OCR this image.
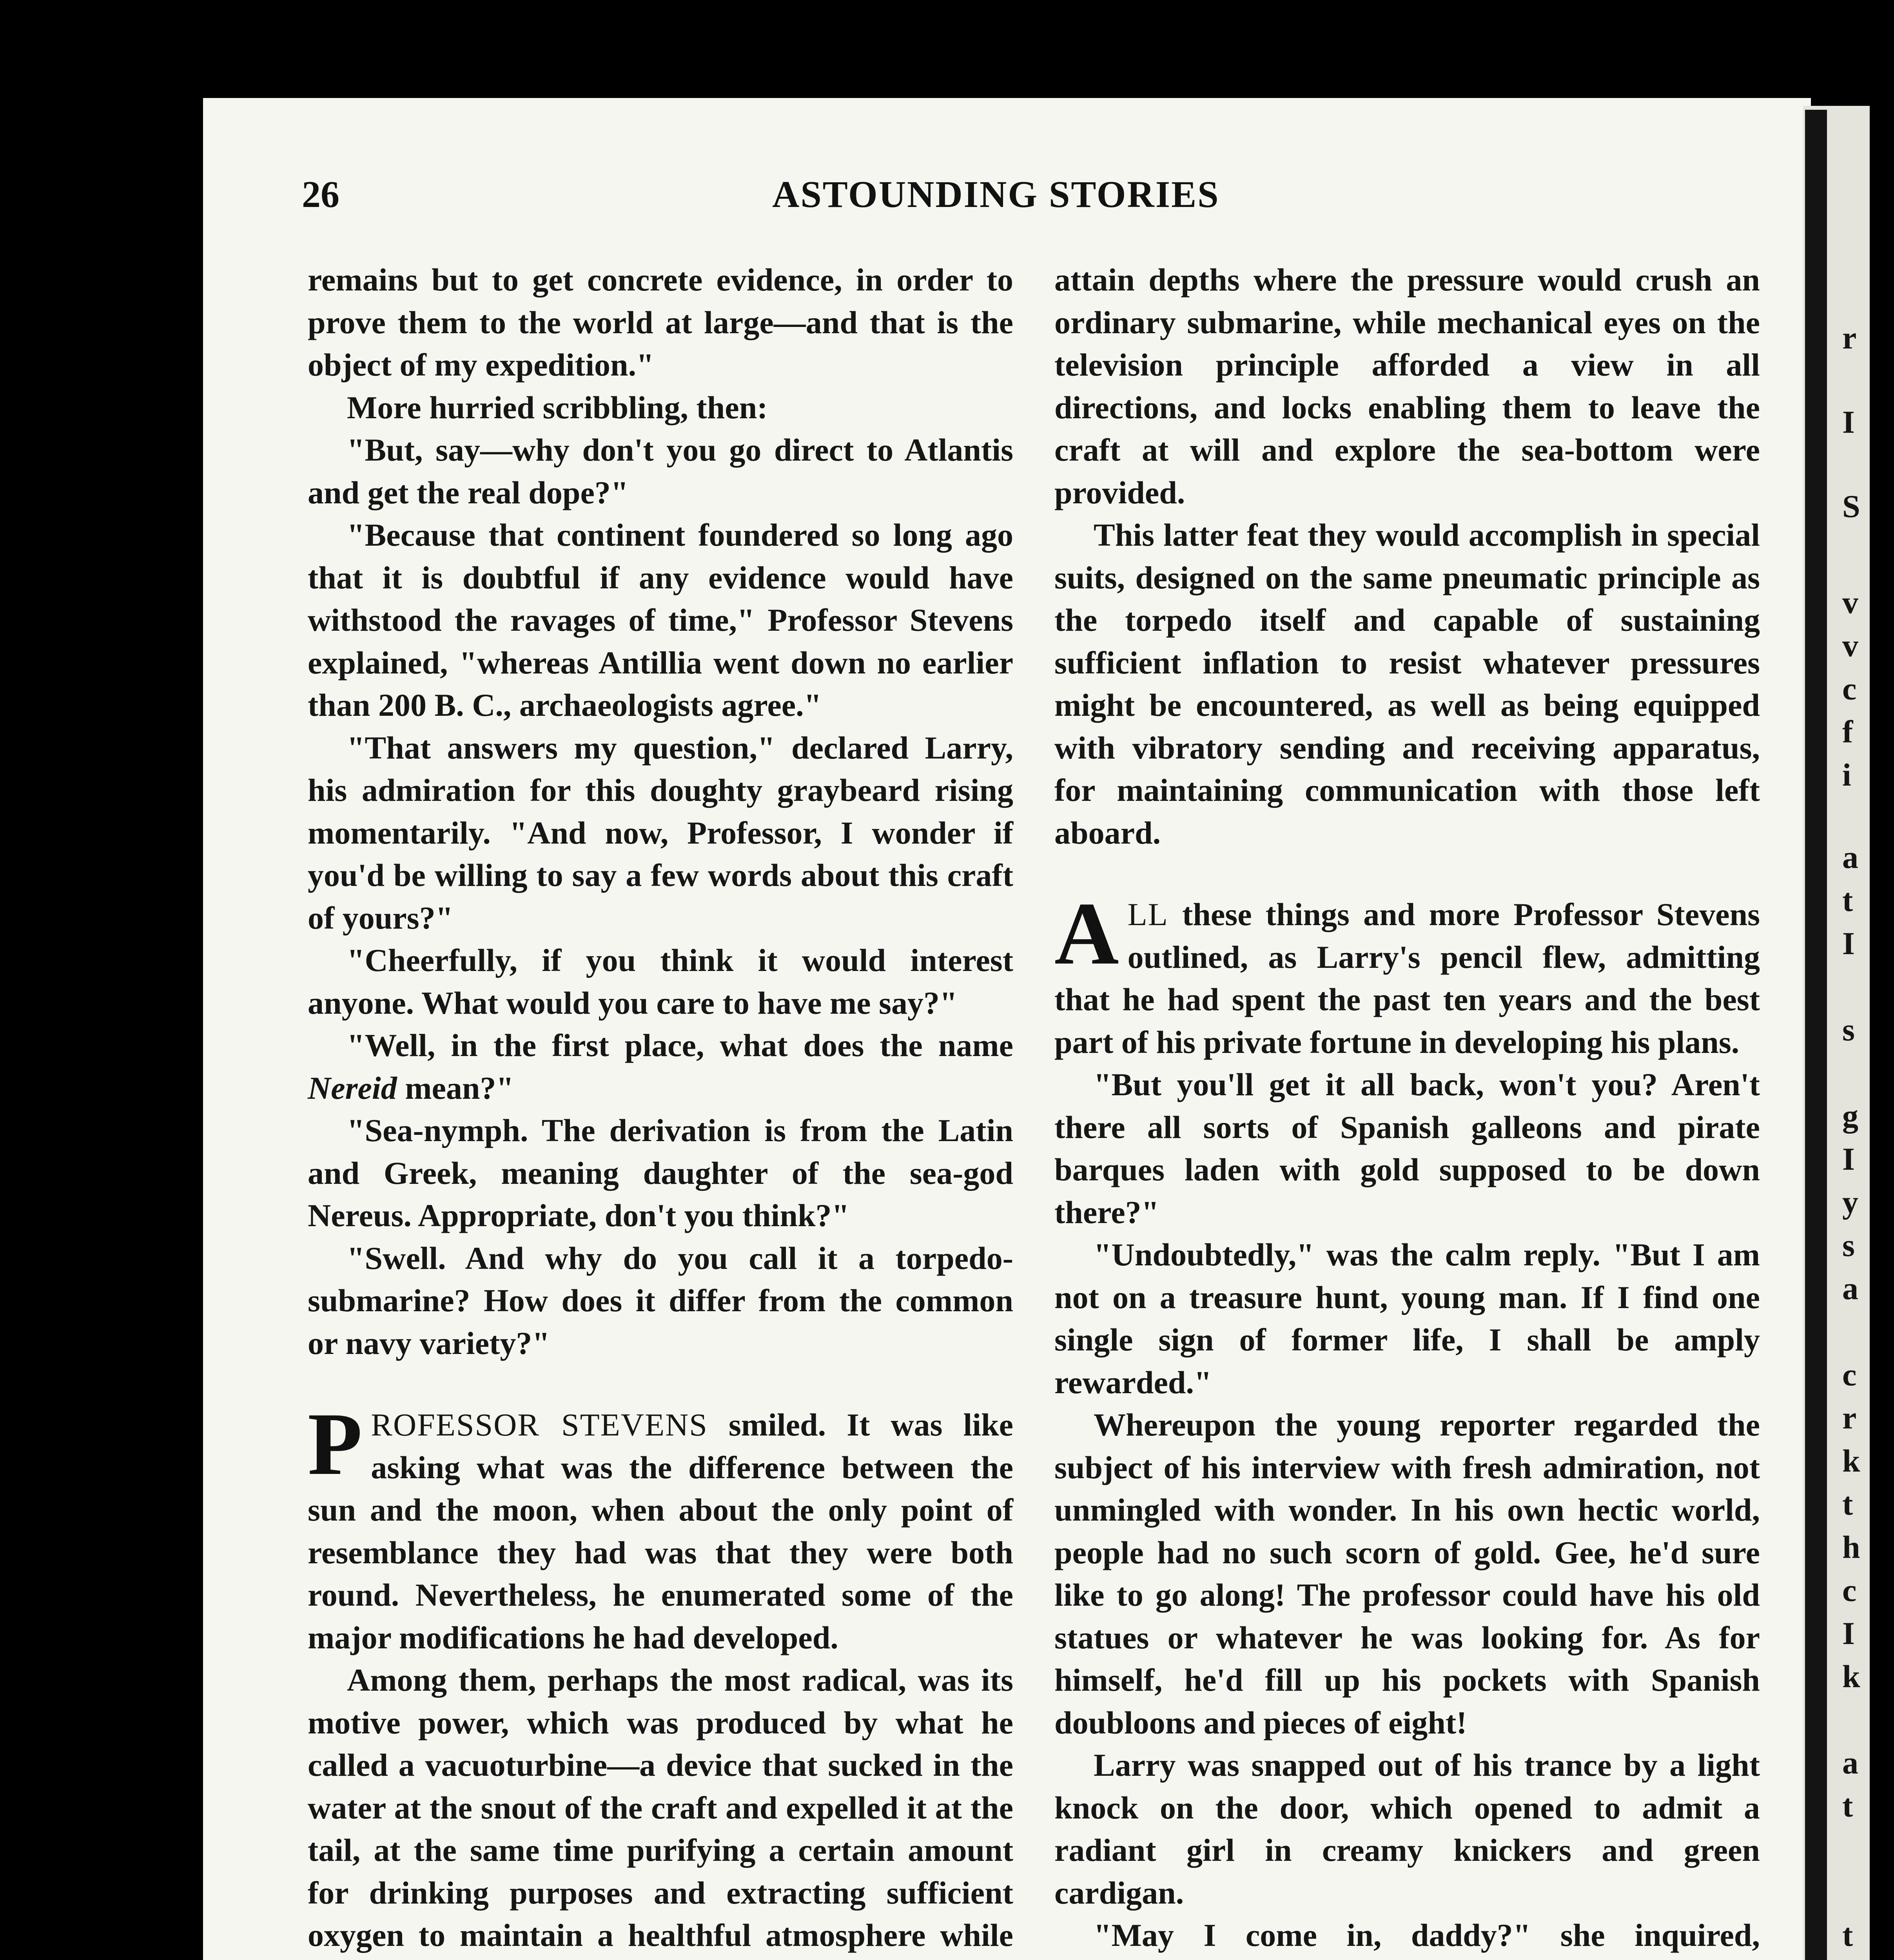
26	ASTOUNDING STORIES

remains but to get concrete evidence, in order to prove them to the world at large—and that is the object of my expedition."

More hurried scribbling, then:

"But, say—why don't you go direct to Atlantis and get the real dope?"

"Because that continent foundered so long ago that it is doubtful if any evidence would have withstood the ravages of time," Professor Stevens explained, "whereas Antillia went down no earlier than 200 B. C., archaeologists agree."

"That answers my question," declared Larry, his admiration for this doughty graybeard rising momentarily. "And now, Professor, I wonder if you'd be willing to say a few words about this craft of yours?"

"Cheerfully, if you think it would interest anyone. What would you care to have me say?"

"Well, in the first place, what does the name Nereid mean?"

"Sea-nymph. The derivation is from the Latin and Greek, meaning daughter of the sea-god Nereus. Appropriate, don't you think?"

"Swell. And why do you call it a torpedo-submarine? How does it differ from the common or navy variety?"

PROFESSOR STEVENS smiled. It was like asking what was the difference between the sun and the moon, when about the only point of resemblance they had was that they were both round. Nevertheless, he enumerated some of the major modifications he had developed.

Among them, perhaps the most radical, was its motive power, which was produced by what he called a vacuoturbine—a device that sucked in the water at the snout of the craft and expelled it at the tail, at the same time purifying a certain amount for drinking purposes and extracting sufficient oxygen to maintain a healthful atmosphere while

attain depths where the pressure would crush an ordinary submarine, while mechanical eyes on the television principle afforded a view in all directions, and locks enabling them to leave the craft at will and explore the sea-bottom were provided.

This latter feat they would accomplish in special suits, designed on the same pneumatic principle as the torpedo itself and capable of sustaining sufficient inflation to resist whatever pressures might be encountered, as well as being equipped with vibratory sending and receiving apparatus, for maintaining communication with those left aboard.

ALL these things and more Professor Stevens outlined, as Larry's pencil flew, admitting that he had spent the past ten years and the best part of his private fortune in developing his plans.

"But you'll get it all back, won't you? Aren't there all sorts of Spanish galleons and pirate barques laden with gold supposed to be down there?"

"Undoubtedly," was the calm reply. "But I am not on a treasure hunt, young man. If I find one single sign of former life, I shall be amply rewarded."

Whereupon the young reporter regarded the subject of his interview with fresh admiration, not unmingled with wonder. In his own hectic world, people had no such scorn of gold. Gee, he'd sure like to go along! The professor could have his old statues or whatever he was looking for. As for himself, he'd fill up his pockets with Spanish doubloons and pieces of eight!

Larry was snapped out of his trance by a light knock on the door, which opened to admit a radiant girl in creamy knickers and green cardigan.

"May I come in, daddy?" she inquired,

r
I
S
v
v
c
f
i
a
t
I
s
g
I
y
s
a
c
r
k
t
h
c
I
k
a
t
t
